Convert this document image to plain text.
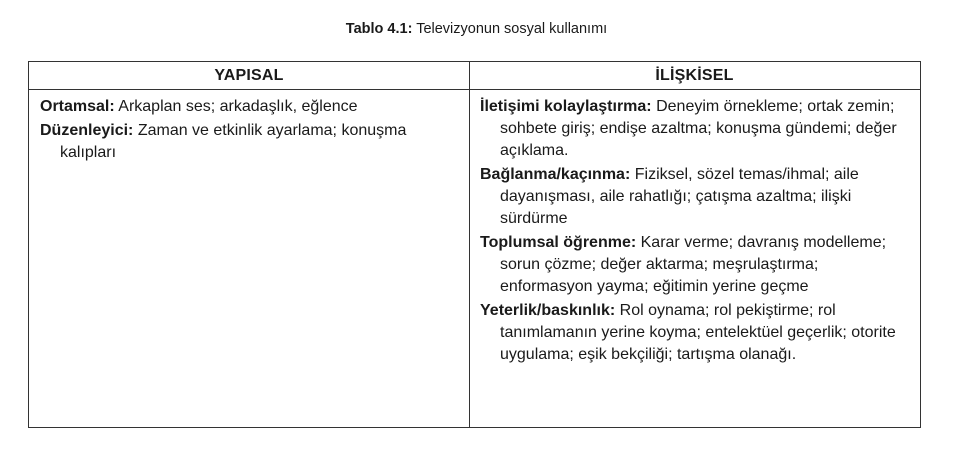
Tablo 4.1: Televizyonun sosyal kullanımı
YAPISAL	İLİŞKİSEL
Ortamsal: Arkaplan ses; arkadaşlık, eğlence
Düzenleyici: Zaman ve etkinlik ayarlama; konuşma kalıpları
İletişimi kolaylaştırma: Deneyim örnekleme; ortak zemin; sohbete giriş; endişe azaltma; konuşma gündemi; değer açıklama.
Bağlanma/kaçınma: Fiziksel, sözel temas/ihmal; aile dayanışması, aile rahatlığı; çatışma azaltma; ilişki sürdürme
Toplumsal öğrenme: Karar verme; davranış modelleme; sorun çözme; değer aktarma; meşrulaştırma; enformasyon yayma; eğitimin yerine geçme
Yeterlik/baskınlık: Rol oynama; rol pekiştirme; rol tanımlamanın yerine koyma; entelektüel geçerlik; otorite uygulama; eşik bekçiliği; tartışma olanağı.
